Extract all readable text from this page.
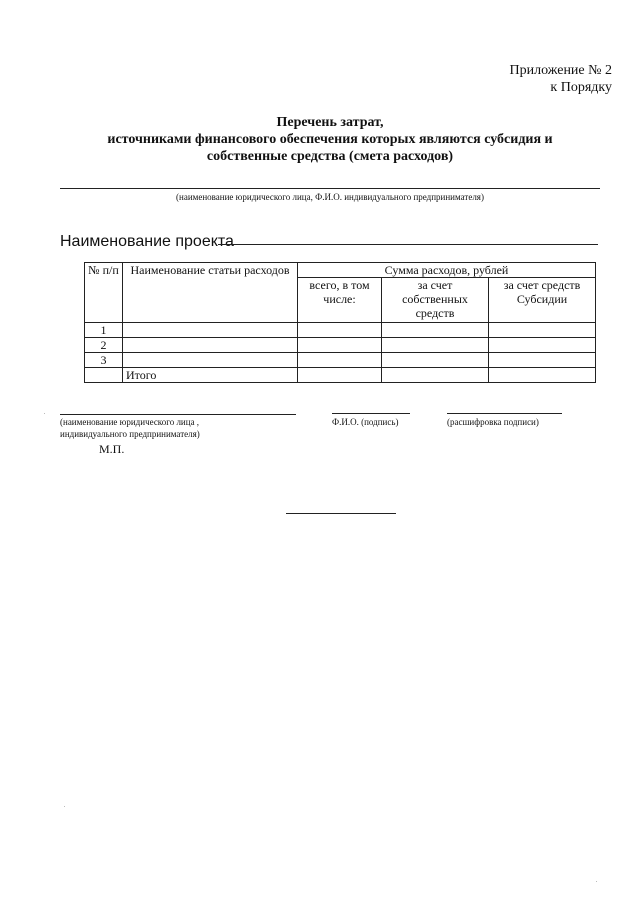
Приложение № 2
к Порядку
Перечень затрат,
источниками финансового обеспечения которых являются субсидия и
собственные средства (смета расходов)
(наименование юридического лица, Ф.И.О. индивидуального предпринимателя)
Наименование проекта
№ п/п	Наименование статьи расходов	Сумма расходов, рублей		
		всего, в том числе:	за счет собственных средств	за счет средств Субсидии
1				
2				
3				
	Итого			
(наименование юридического лица ,
индивидуального предпринимателя)
Ф.И.О. (подпись)	(расшифровка подписи)
М.П.
